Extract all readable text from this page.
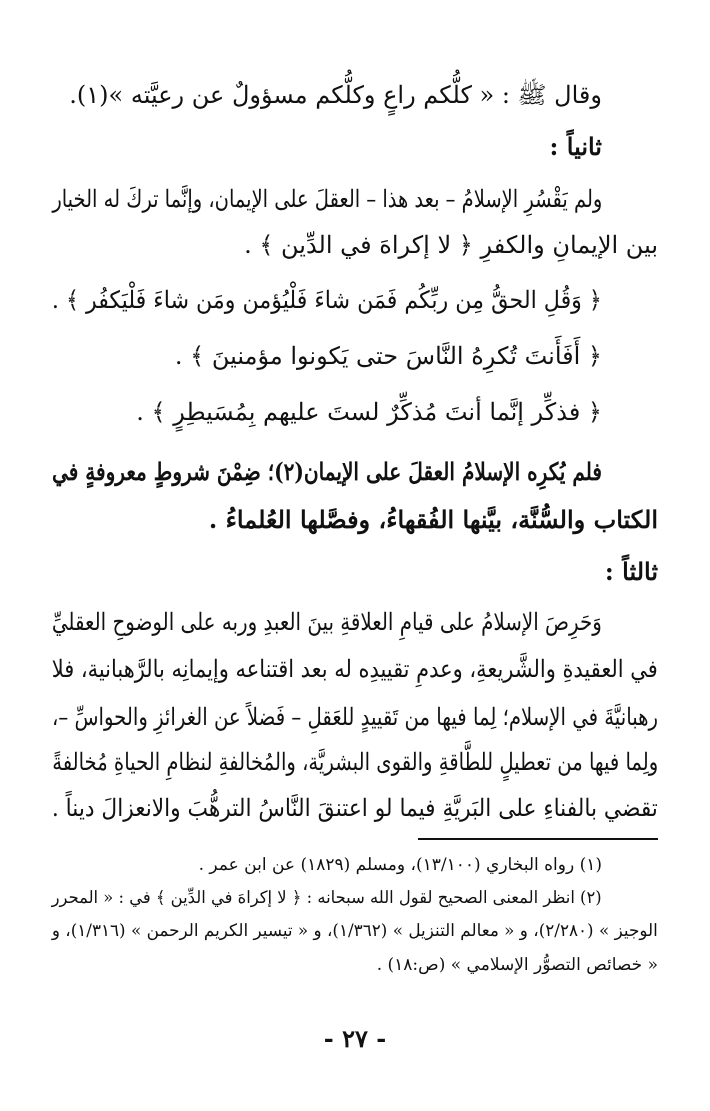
وقال ﷺ : « كلُّكم راعٍ وكلُّكم مسؤولٌ عن رعيَّته »(١).
ثانياً :
ولم يَقْسُرِ الإسلامُ – بعد هذا – العقلَ على الإيمان، وإنَّما تركَ له الخيار
بين الإيمانِ والكفرِ ﴿ لا إكراهَ في الدِّين ﴾ .
﴿ وَقُلِ الحقُّ مِن ربِّكُم فَمَن شاءَ فَلْيُؤمن ومَن شاءَ فَلْيَكفُر ﴾ .
﴿ أَفَأَنتَ تُكرِهُ النَّاسَ حتى يَكونوا مؤمنينَ ﴾ .
﴿ فذكِّر إنَّما أنتَ مُذكِّرٌ لستَ عليهم بِمُسَيطِرٍ ﴾ .
فلم يُكرِه الإسلامُ العقلَ على الإيمان(٢)؛ ضِمْنَ شروطٍ معروفةٍ في
الكتاب والسُّنَّة، بيَّنها الفُقهاءُ، وفصَّلها العُلماءُ .
ثالثاً :
وَحَرِصَ الإسلامُ على قيامِ العلاقةِ بينَ العبدِ وربه على الوضوحِ العقليِّ
في العقيدةِ والشَّريعةِ، وعدمِ تقييدِه له بعد اقتناعه وإيمانِه بالرَّهبانية، فلا
رهبانيَّةَ في الإسلام؛ لِما فيها من تَقييدٍ للعَقلِ – فَضلاً عن الغرائزِ والحواسِّ –،
ولِما فيها من تعطيلٍ للطَّاقةِ والقوى البشريَّة، والمُخالفةِ لنظامِ الحياةِ مُخالفةً
تقضي بالفناءِ على البَريَّةِ فيما لو اعتنقَ النَّاسُ الترهُّبَ والانعزالَ ديناً .
(١) رواه البخاري (١٣/١٠٠)، ومسلم (١٨٢٩) عن ابن عمر .
(٢) انظر المعنى الصحيح لقول الله سبحانه : ﴿ لا إكراهَ في الدِّين ﴾ في : « المحرر
الوجيز » (٢/٢٨٠)، و « معالم التنزيل » (١/٣٦٢)، و « تيسير الكريم الرحمن » (١/٣١٦)، و
« خصائص التصوُّر الإسلامي » (ص:١٨) .
- ٢٧ -
